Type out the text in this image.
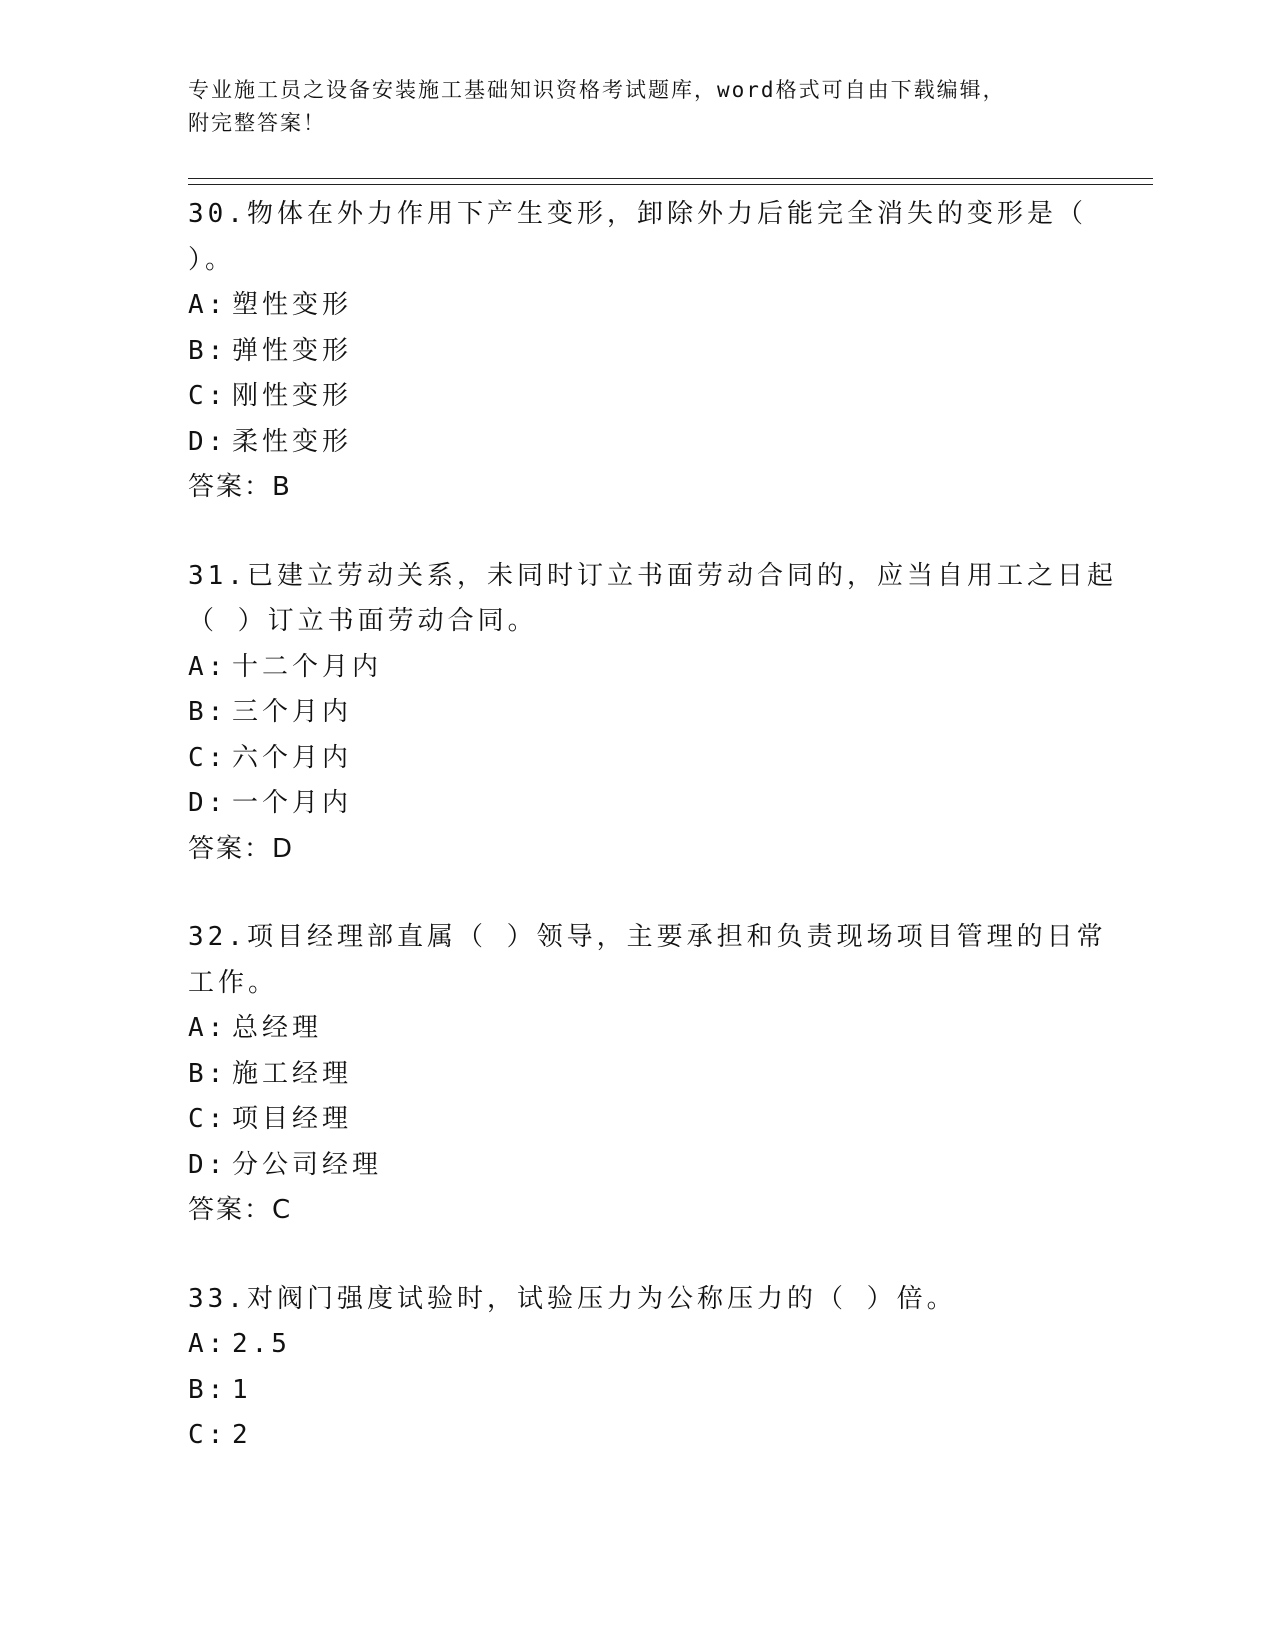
专业施工员之设备安装施工基础知识资格考试题库，word格式可自由下载编辑，
附完整答案！
30.物体在外力作用下产生变形，卸除外力后能完全消失的变形是（
）。
A: 塑性变形
B: 弹性变形
C: 刚性变形
D: 柔性变形
答案：B
31.已建立劳动关系，未同时订立书面劳动合同的，应当自用工之日起
（ ）订立书面劳动合同。
A: 十二个月内
B: 三个月内
C: 六个月内
D: 一个月内
答案：D
32.项目经理部直属（ ）领导，主要承担和负责现场项目管理的日常
工作。
A: 总经理
B: 施工经理
C: 项目经理
D: 分公司经理
答案：C
33.对阀门强度试验时，试验压力为公称压力的（ ）倍。
A: 2.5
B: 1
C: 2
